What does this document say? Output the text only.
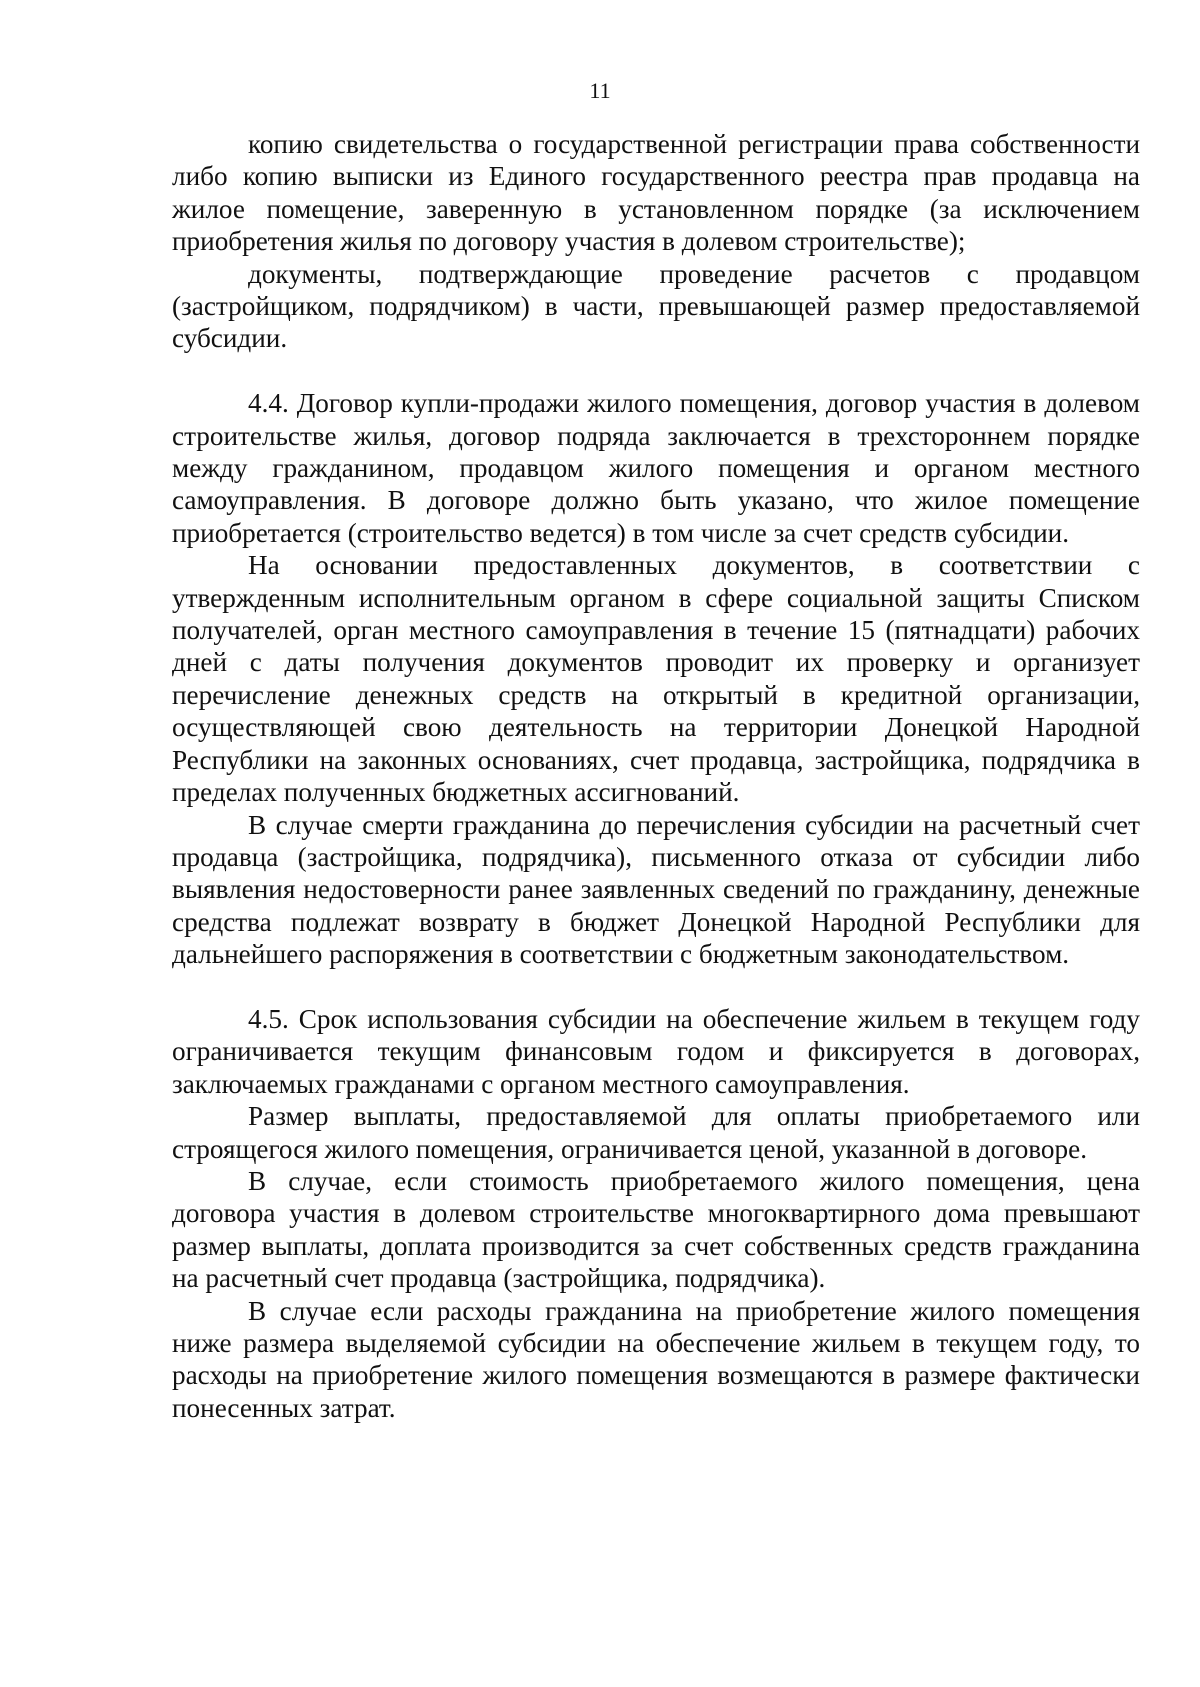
11

копию свидетельства о государственной регистрации права собственности либо копию выписки из Единого государственного реестра прав продавца на жилое помещение, заверенную в установленном порядке (за исключением приобретения жилья по договору участия в долевом строительстве);

документы, подтверждающие проведение расчетов с продавцом (застройщиком, подрядчиком) в части, превышающей размер предоставляемой субсидии.

4.4. Договор купли-продажи жилого помещения, договор участия в долевом строительстве жилья, договор подряда заключается в трехстороннем порядке между гражданином, продавцом жилого помещения и органом местного самоуправления. В договоре должно быть указано, что жилое помещение приобретается (строительство ведется) в том числе за счет средств субсидии.

На основании предоставленных документов, в соответствии с утвержденным исполнительным органом в сфере социальной защиты Списком получателей, орган местного самоуправления в течение 15 (пятнадцати) рабочих дней с даты получения документов проводит их проверку и организует перечисление денежных средств на открытый в кредитной организации, осуществляющей свою деятельность на территории Донецкой Народной Республики на законных основаниях, счет продавца, застройщика, подрядчика в пределах полученных бюджетных ассигнований.

В случае смерти гражданина до перечисления субсидии на расчетный счет продавца (застройщика, подрядчика), письменного отказа от субсидии либо выявления недостоверности ранее заявленных сведений по гражданину, денежные средства подлежат возврату в бюджет Донецкой Народной Республики для дальнейшего распоряжения в соответствии с бюджетным законодательством.

4.5. Срок использования субсидии на обеспечение жильем в текущем году ограничивается текущим финансовым годом и фиксируется в договорах, заключаемых гражданами с органом местного самоуправления.

Размер выплаты, предоставляемой для оплаты приобретаемого или строящегося жилого помещения, ограничивается ценой, указанной в договоре.

В случае, если стоимость приобретаемого жилого помещения, цена договора участия в долевом строительстве многоквартирного дома превышают размер выплаты, доплата производится за счет собственных средств гражданина на расчетный счет продавца (застройщика, подрядчика).

В случае если расходы гражданина на приобретение жилого помещения ниже размера выделяемой субсидии на обеспечение жильем в текущем году, то расходы на приобретение жилого помещения возмещаются в размере фактически понесенных затрат.
